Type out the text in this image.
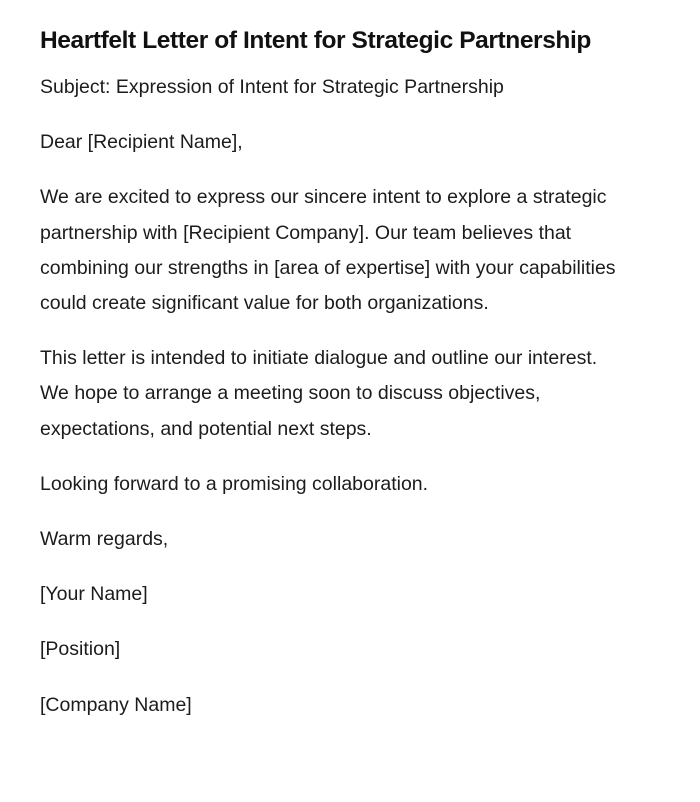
Heartfelt Letter of Intent for Strategic Partnership

Subject: Expression of Intent for Strategic Partnership

Dear [Recipient Name],

We are excited to express our sincere intent to explore a strategic partnership with [Recipient Company]. Our team believes that combining our strengths in [area of expertise] with your capabilities could create significant value for both organizations.

This letter is intended to initiate dialogue and outline our interest. We hope to arrange a meeting soon to discuss objectives, expectations, and potential next steps.

Looking forward to a promising collaboration.

Warm regards,

[Your Name]

[Position]

[Company Name]
